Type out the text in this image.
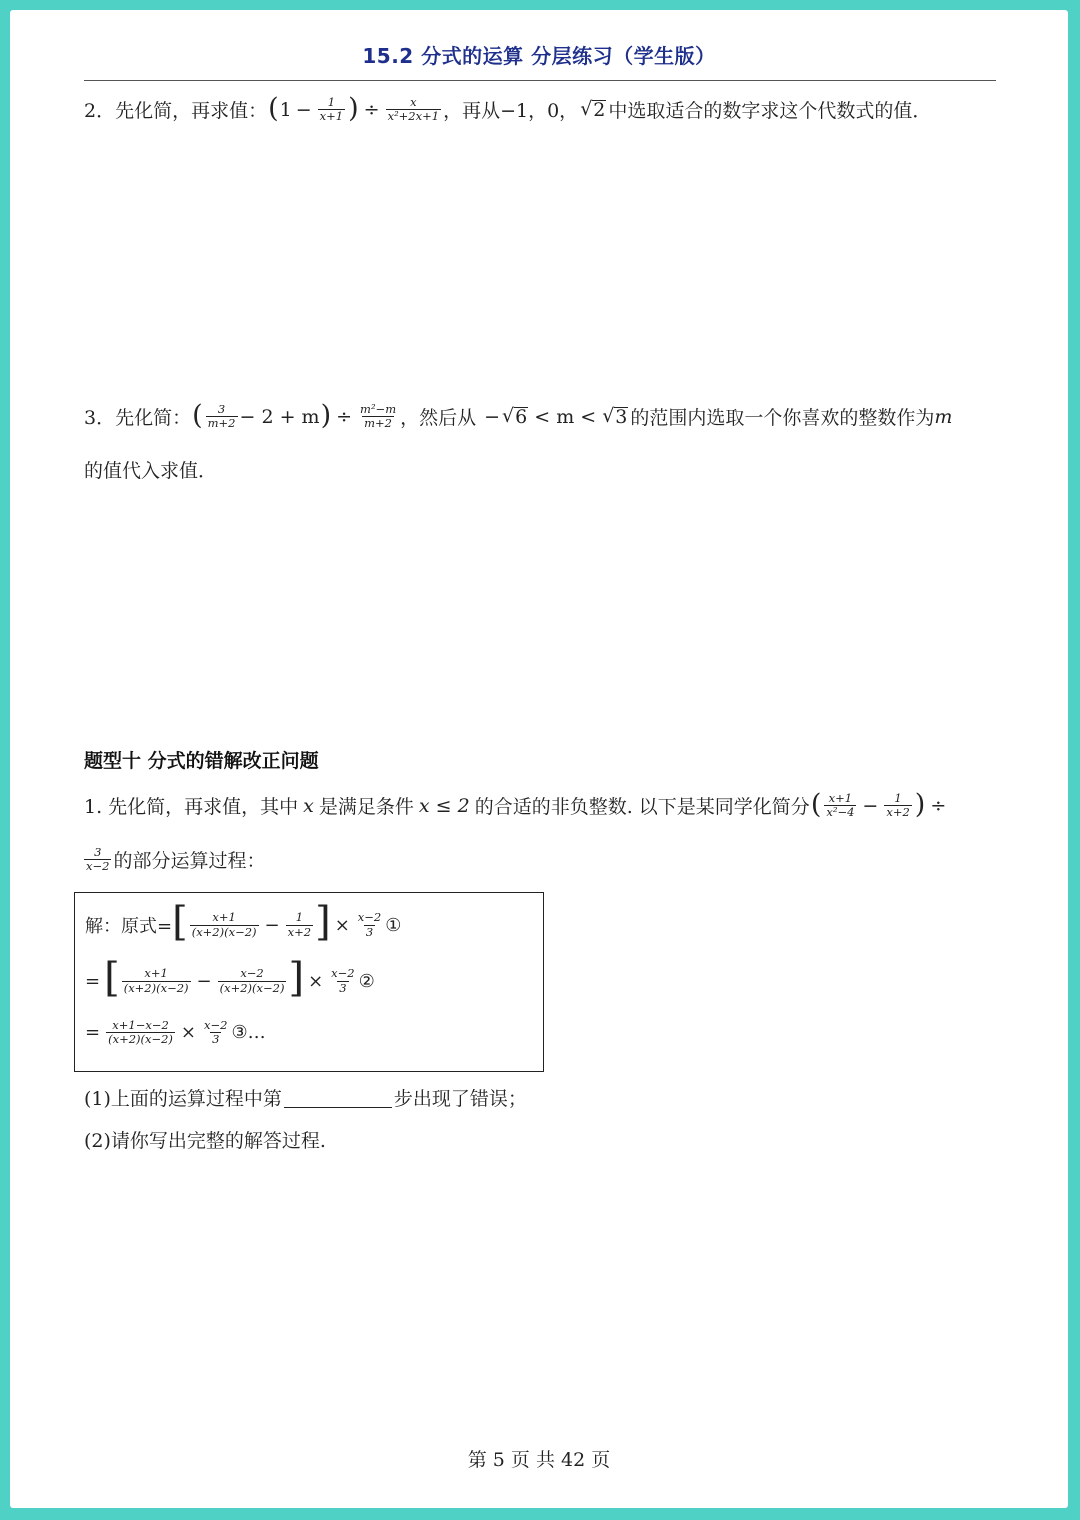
15.2 分式的运算 分层练习（学生版）
2．先化简，再求值： ( $1 - \frac{1}{x+1}$ ) ÷ $\frac{x}{\text{x²+2x+1}}$ ，再从−1，0， √ 2 中选取适合的数字求这个代数式的值．
3．先化简： ( $\frac{3}{m+2} - 2 + m$ ) ÷ $\frac{\text{m²−m}}{m+2}$ ，然后从 − √ 6 < m < √ 3 的范围内选取一个你喜欢的整数作为 m
的值代入求值．
题型十 分式的错解改正问题
1. 先化简，再求值，其中 x 是满足条件 x ≤ 2 的合适的非负整数. 以下是某同学化简分 ( $\frac{x+1}{\text{x²−4}} - \frac{1}{x+2}$ ) ÷
$\frac{3}{x-2}$ 的部分运算过程：
解：原式= [ $\frac{x+1}{(x+2)(x-2)} - \frac{1}{x+2}$ ] × $\frac{x-2}{3}$ ①
= [ $\frac{x+1}{(x+2)(x-2)} - \frac{x-2}{(x+2)(x-2)}$ ] × $\frac{x-2}{3}$ ②
= $\frac{x+1-x-2}{(x+2)(x-2)} \times \frac{x-2}{3}$ ③…
(1)上面的运算过程中第	步出现了错误；
(2)请你写出完整的解答过程.
第 5 页 共 42 页
